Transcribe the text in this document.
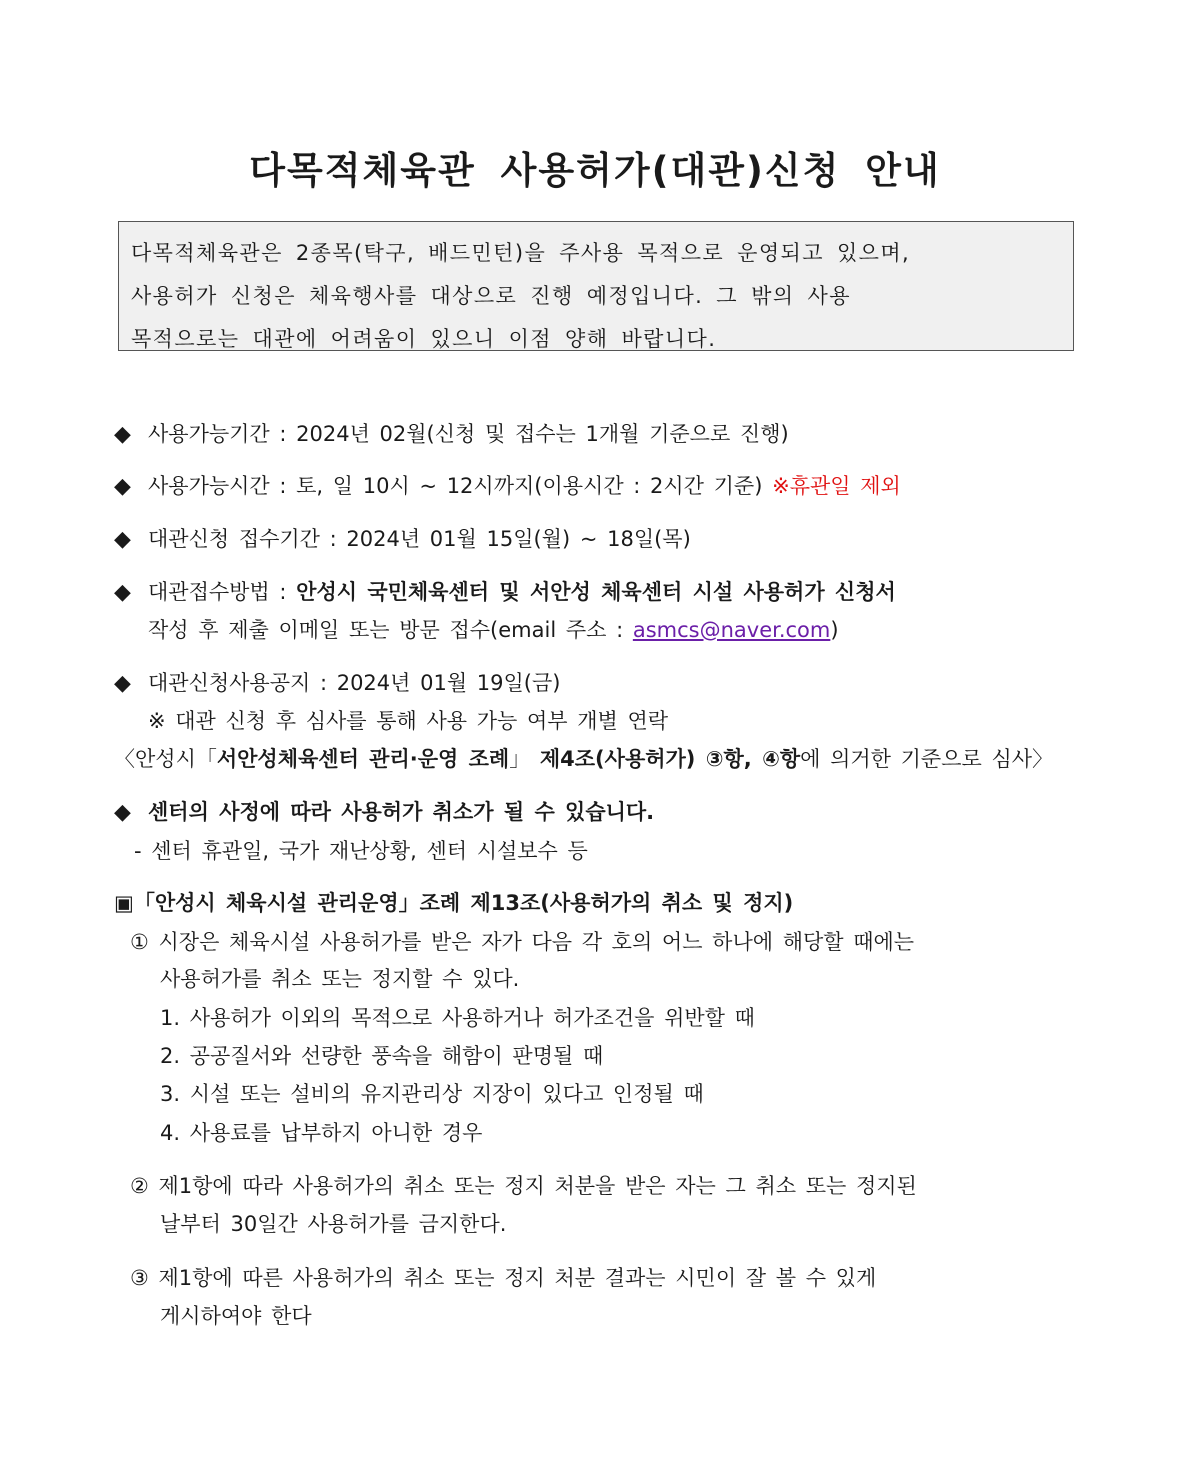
다목적체육관 사용허가(대관)신청 안내
다목적체육관은 2종목(탁구, 배드민턴)을 주사용 목적으로 운영되고 있으며,
사용허가 신청은 체육행사를 대상으로 진행 예정입니다. 그 밖의 사용
목적으로는 대관에 어려움이 있으니 이점 양해 바랍니다.
◆ 사용가능기간 : 2024년 02월(신청 및 접수는 1개월 기준으로 진행)
◆ 사용가능시간 : 토, 일 10시 ~ 12시까지(이용시간 : 2시간 기준) ※휴관일 제외
◆ 대관신청 접수기간 : 2024년 01월 15일(월) ~ 18일(목)
◆ 대관접수방법 : 안성시 국민체육센터 및 서안성 체육센터 시설 사용허가 신청서
작성 후 제출 이메일 또는 방문 접수(email 주소 : asmcs@naver.com)
◆ 대관신청사용공지 : 2024년 01월 19일(금)
※ 대관 신청 후 심사를 통해 사용 가능 여부 개별 연락
〈안성시「서안성체육센터 관리·운영 조례」 제4조(사용허가) ③항, ④항에 의거한 기준으로 심사〉
◆ 센터의 사정에 따라 사용허가 취소가 될 수 있습니다.
- 센터 휴관일, 국가 재난상황, 센터 시설보수 등
▣「안성시 체육시설 관리운영」조례 제13조(사용허가의 취소 및 정지)
① 시장은 체육시설 사용허가를 받은 자가 다음 각 호의 어느 하나에 해당할 때에는
사용허가를 취소 또는 정지할 수 있다.
1. 사용허가 이외의 목적으로 사용하거나 허가조건을 위반할 때
2. 공공질서와 선량한 풍속을 해함이 판명될 때
3. 시설 또는 설비의 유지관리상 지장이 있다고 인정될 때
4. 사용료를 납부하지 아니한 경우
② 제1항에 따라 사용허가의 취소 또는 정지 처분을 받은 자는 그 취소 또는 정지된
날부터 30일간 사용허가를 금지한다.
③ 제1항에 따른 사용허가의 취소 또는 정지 처분 결과는 시민이 잘 볼 수 있게
게시하여야 한다
